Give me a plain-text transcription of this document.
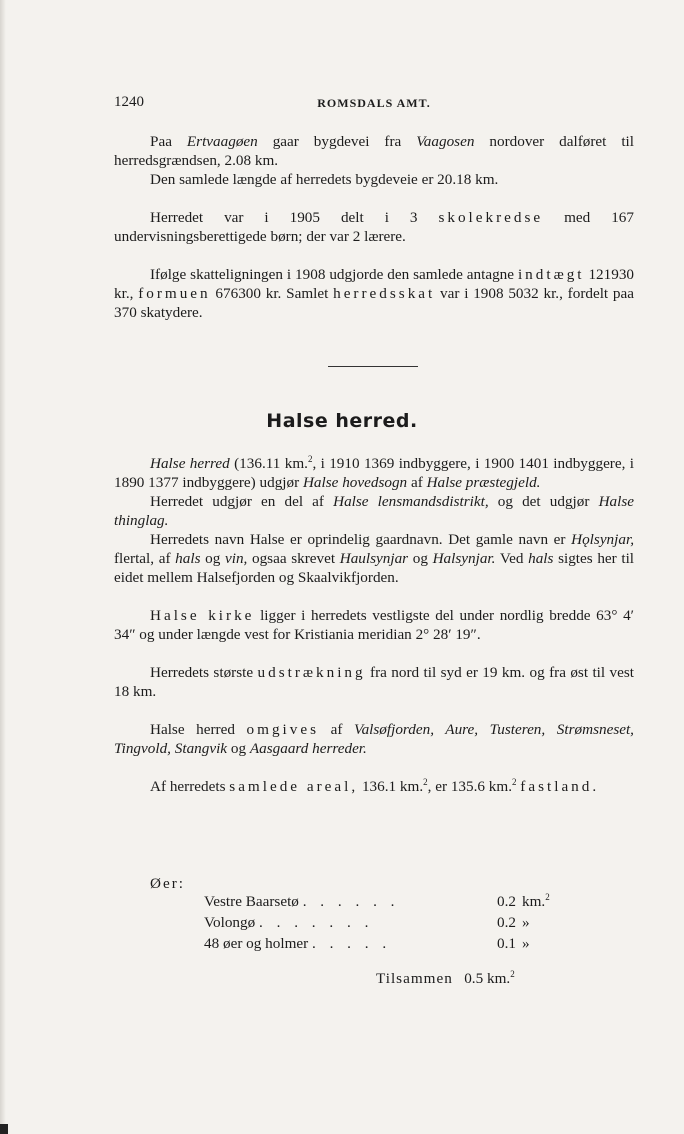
1240	ROMSDALS AMT.

Paa Ertvaagøen gaar bygdevei fra Vaagosen nordover dalføret til herredsgrændsen, 2.08 km.

Den samlede længde af herredets bygdeveie er 20.18 km.

Herredet var i 1905 delt i 3 skolekredse med 167 undervisningsberettigede børn; der var 2 lærere.

Ifølge skatteligningen i 1908 udgjorde den samlede antagne indtægt 121930 kr., formuen 676300 kr. Samlet herredsskat var i 1908 5032 kr., fordelt paa 370 skatydere.

Halse herred.

Halse herred (136.11 km.$^2$, i 1910 1369 indbyggere, i 1900 1401 indbyggere, i 1890 1377 indbyggere) udgjør Halse hovedsogn af Halse præstegjeld.

Herredet udgjør en del af Halse lensmandsdistrikt, og det udgjør Halse thinglag.

Herredets navn Halse er oprindelig gaardnavn. Det gamle navn er Hǫlsynjar, flertal, af hals og vin, ogsaa skrevet Haulsynjar og Halsynjar. Ved hals sigtes her til eidet mellem Halsefjorden og Skaalvikfjorden.

Halse kirke ligger i herredets vestligste del under nordlig bredde 63° 4′ 34″ og under længde vest for Kristiania meridian 2° 28′ 19″.

Herredets største udstrækning fra nord til syd er 19 km. og fra øst til vest 18 km.

Halse herred omgives af Valsøfjorden, Aure, Tusteren, Strømsneset, Tingvold, Stangvik og Aasgaard herreder.

Af herredets samlede areal, 136.1 km.$^2$, er 135.6 km.$^2$ fastland.

Øer:
Vestre Baarsetø . . . . . .	0.2	km.$^2$
Volongø . . . . . . .	0.2	»
48 øer og holmer . . . . .	0.1	»
Tilsammen 0.5 km.$^2$
